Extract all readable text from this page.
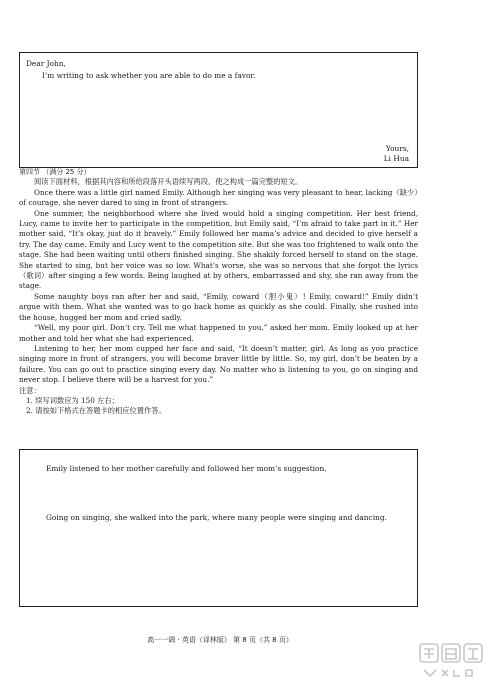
Dear John,
I’m writing to ask whether you are able to do me a favor.
Yours,
Li Hua

第四节 （满分 25 分）

阅读下面材料，根据其内容和所给段落开头语续写两段，使之构成一篇完整的短文。

Once there was a little girl named Emily. Although her singing was very pleasant to hear, lacking（缺少）of courage, she never dared to sing in front of strangers.

One summer, the neighborhood where she lived would hold a singing competition. Her best friend, Lucy, came to invite her to participate in the competition, but Emily said, “I’m afraid to take part in it.” Her mother said, “It’s okay, just do it bravely.” Emily followed her mama’s advice and decided to give herself a try. The day came. Emily and Lucy went to the competition site. But she was too frightened to walk onto the stage. She had been waiting until others finished singing. She shakily forced herself to stand on the stage. She started to sing, but her voice was so low. What’s worse, she was so nervous that she forgot the lyrics（歌词）after singing a few words. Being laughed at by others, embarrassed and shy, she ran away from the stage.

Some naughty boys ran after her and said, “Emily, coward（胆小鬼）! Emily, coward!” Emily didn’t argue with them. What she wanted was to go back home as quickly as she could. Finally, she rushed into the house, hugged her mom and cried sadly.

“Well, my poor girl. Don’t cry. Tell me what happened to you,” asked her mom. Emily looked up at her mother and told her what she had experienced.

Listening to her, her mom cupped her face and said, “It doesn’t matter, girl. As long as you practice singing more in front of strangers, you will become braver little by little. So, my girl, don’t be beaten by a failure. You can go out to practice singing every day. No matter who is listening to you, go on singing and never stop. I believe there will be a harvest for you.”

注意：

1. 续写词数应为 150 左右；

2. 请按如下格式在答题卡的相应位置作答。

Emily listened to her mother carefully and followed her mom’s suggestion.
Going on singing, she walked into the park, where many people were singing and dancing.
高一一调 · 英语（译林版） 第 8 页（共 8 页）
